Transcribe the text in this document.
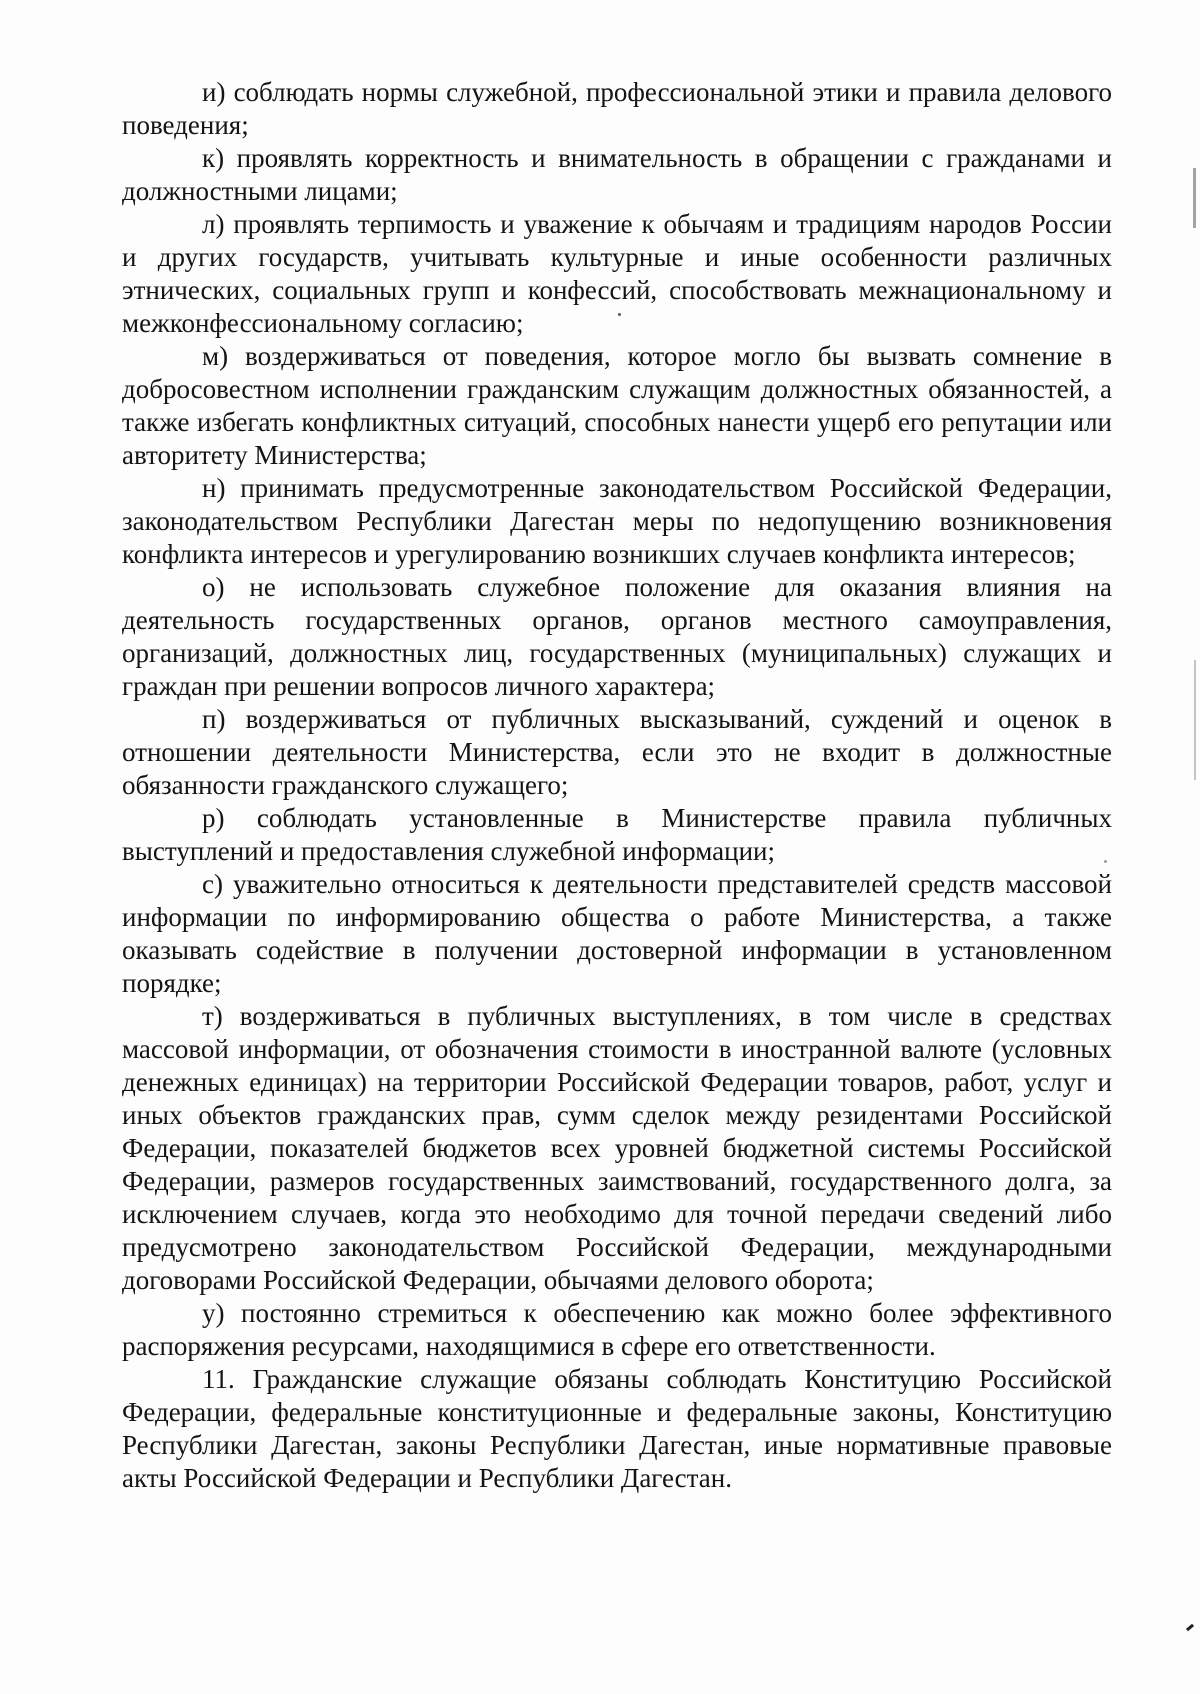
и) соблюдать нормы служебной, профессиональной этики и правила делового поведения;

к) проявлять корректность и внимательность в обращении с гражданами и должностными лицами;

л) проявлять терпимость и уважение к обычаям и традициям народов России и других государств, учитывать культурные и иные особенности различных этнических, социальных групп и конфессий, способствовать межнациональному и межконфессиональному согласию;

м) воздерживаться от поведения, которое могло бы вызвать сомнение в добросовестном исполнении гражданским служащим должностных обязанностей, а также избегать конфликтных ситуаций, способных нанести ущерб его репутации или авторитету Министерства;

н) принимать предусмотренные законодательством Российской Федерации, законодательством Республики Дагестан меры по недопущению возникновения конфликта интересов и урегулированию возникших случаев конфликта интересов;

о) не использовать служебное положение для оказания влияния на деятельность государственных органов, органов местного самоуправления, организаций, должностных лиц, государственных (муниципальных) служащих и граждан при решении вопросов личного характера;

п) воздерживаться от публичных высказываний, суждений и оценок в отношении деятельности Министерства, если это не входит в должностные обязанности гражданского служащего;

р) соблюдать установленные в Министерстве правила публичных выступлений и предоставления служебной информации;

с) уважительно относиться к деятельности представителей средств массовой информации по информированию общества о работе Министерства, а также оказывать содействие в получении достоверной информации в установленном порядке;

т) воздерживаться в публичных выступлениях, в том числе в средствах массовой информации, от обозначения стоимости в иностранной валюте (условных денежных единицах) на территории Российской Федерации товаров, работ, услуг и иных объектов гражданских прав, сумм сделок между резидентами Российской Федерации, показателей бюджетов всех уровней бюджетной системы Российской Федерации, размеров государственных заимствований, государственного долга, за исключением случаев, когда это необходимо для точной передачи сведений либо предусмотрено законодательством Российской Федерации, международными договорами Российской Федерации, обычаями делового оборота;

у) постоянно стремиться к обеспечению как можно более эффективного распоряжения ресурсами, находящимися в сфере его ответственности.

11. Гражданские служащие обязаны соблюдать Конституцию Российской Федерации, федеральные конституционные и федеральные законы, Конституцию Республики Дагестан, законы Республики Дагестан, иные нормативные правовые акты Российской Федерации и Республики Дагестан.
